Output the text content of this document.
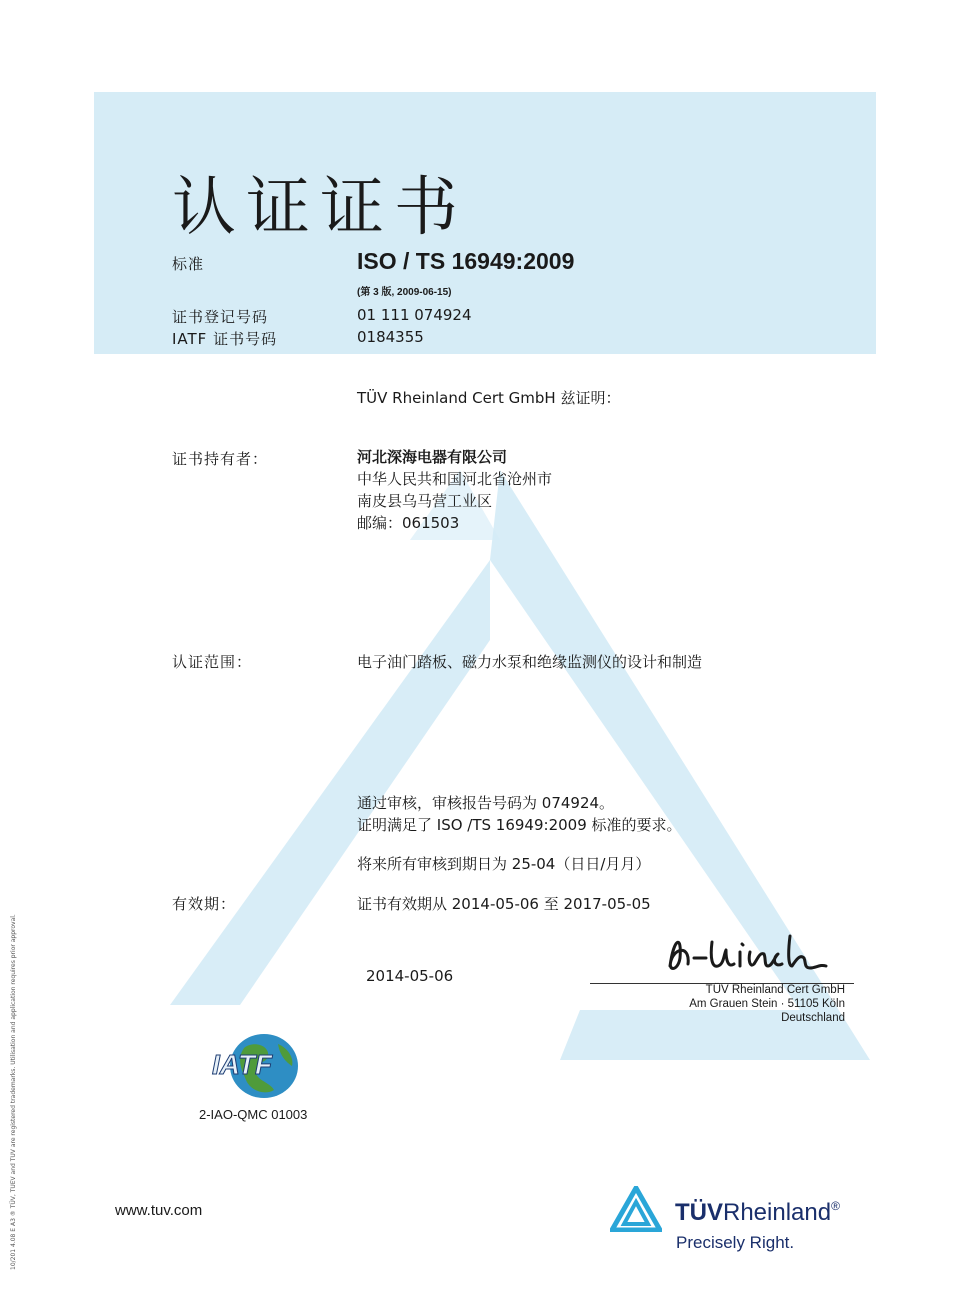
认证证书
标准	ISO / TS 16949:2009
(第 3 版, 2009-06-15)
证书登记号码	01 111 074924
IATF 证书号码	0184355
TÜV Rheinland Cert GmbH 兹证明：
证书持有者：	河北深海电器有限公司
中华人民共和国河北省沧州市
南皮县乌马营工业区
邮编：061503
认证范围：	电子油门踏板、磁力水泵和绝缘监测仪的设计和制造
通过审核，审核报告号码为 074924。
证明满足了 ISO /TS 16949:2009 标准的要求。
将来所有审核到期日为 25-04（日日/月月）
有效期：	证书有效期从 2014-05-06 至 2017-05-05
2014-05-06
TÜV Rheinland Cert GmbH
Am Grauen Stein · 51105 Köln
Deutschland
IATF
2-IAO-QMC 01003
www.tuv.com
10/201 4.08 E A3 ® TÜV, TUEV and TUV are registered trademarks. Utilisation and application requires prior approval.	TÜVRheinland®
Precisely Right.
